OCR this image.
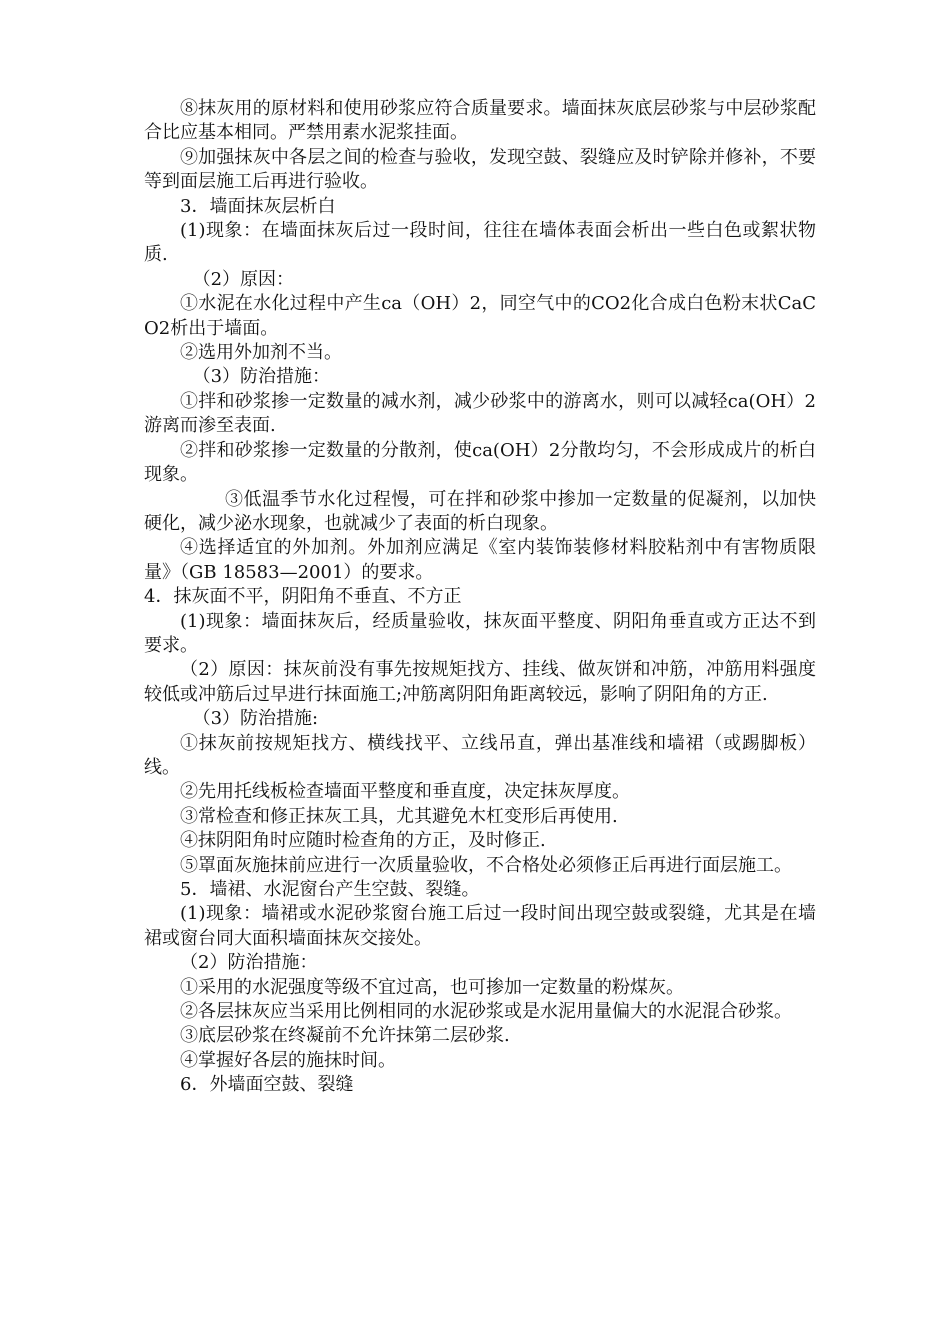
⑧抹灰用的原材料和使用砂浆应符合质量要求。墙面抹灰底层砂浆与中层砂浆配合比应基本相同。严禁用素水泥浆挂面。

⑨加强抹灰中各层之间的检查与验收，发现空鼓、裂缝应及时铲除并修补，不要等到面层施工后再进行验收。

3．墙面抹灰层析白

(1)现象：在墙面抹灰后过一段时间，往往在墙体表面会析出一些白色或絮状物质.

（2）原因：

①水泥在水化过程中产生ca（OH）2，同空气中的CO2化合成白色粉末状CaCO2析出于墙面。

②选用外加剂不当。

（3）防治措施：

①拌和砂浆掺一定数量的减水剂，减少砂浆中的游离水，则可以减轻ca(OH）2游离而渗至表面.

②拌和砂浆掺一定数量的分散剂，使ca(OH）2分散均匀，不会形成成片的析白现象。

③低温季节水化过程慢，可在拌和砂浆中掺加一定数量的促凝剂，以加快硬化，减少泌水现象，也就减少了表面的析白现象。

④选择适宜的外加剂。外加剂应满足《室内装饰装修材料胶粘剂中有害物质限量》（GB 18583—2001）的要求。

4．抹灰面不平，阴阳角不垂直、不方正

(1)现象：墙面抹灰后，经质量验收，抹灰面平整度、阴阳角垂直或方正达不到要求。

（2）原因：抹灰前没有事先按规矩找方、挂线、做灰饼和冲筋，冲筋用料强度较低或冲筋后过早进行抹面施工;冲筋离阴阳角距离较远，影响了阴阳角的方正.

（3）防治措施:

①抹灰前按规矩找方、横线找平、立线吊直，弹出基准线和墙裙（或踢脚板）线。

②先用托线板检查墙面平整度和垂直度，决定抹灰厚度。

③常检查和修正抹灰工具，尤其避免木杠变形后再使用.

④抹阴阳角时应随时检查角的方正，及时修正.

⑤罩面灰施抹前应进行一次质量验收，不合格处必须修正后再进行面层施工。

5．墙裙、水泥窗台产生空鼓、裂缝。

(1)现象：墙裙或水泥砂浆窗台施工后过一段时间出现空鼓或裂缝，尤其是在墙裙或窗台同大面积墙面抹灰交接处。

（2）防治措施：

①采用的水泥强度等级不宜过高，也可掺加一定数量的粉煤灰。

②各层抹灰应当采用比例相同的水泥砂浆或是水泥用量偏大的水泥混合砂浆。

③底层砂浆在终凝前不允许抹第二层砂浆.

④掌握好各层的施抹时间。

6．外墙面空鼓、裂缝
